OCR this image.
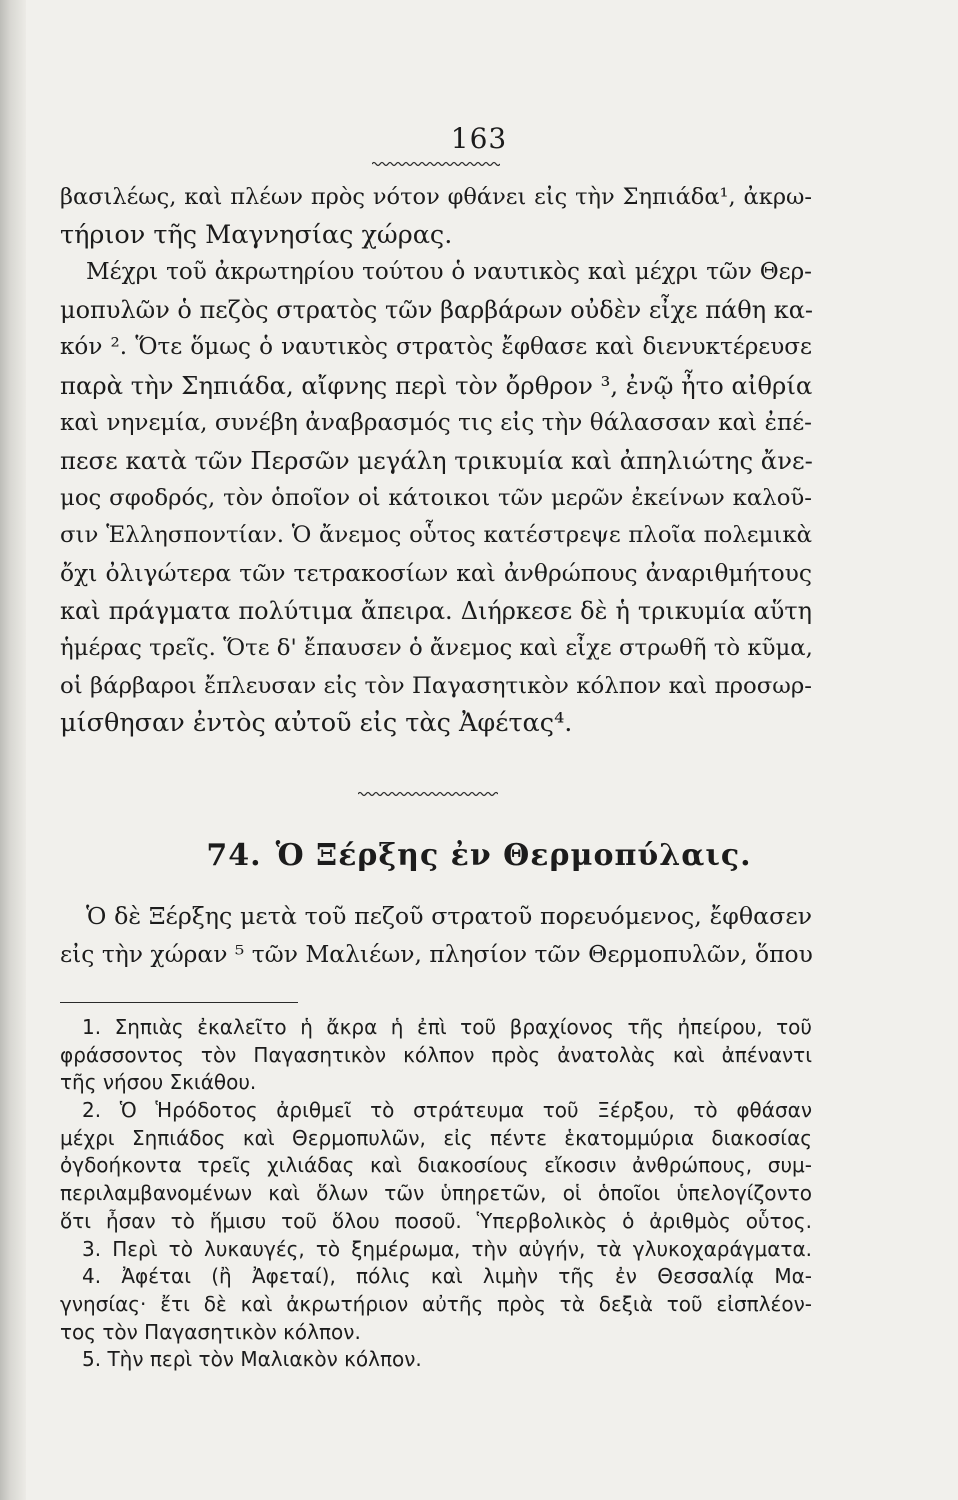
163
βασιλέως, καὶ πλέων πρὸς νότον φθάνει εἰς τὴν Σηπιάδα¹, ἀκρω-
τήριον τῆς Μαγνησίας χώρας.
Μέχρι τοῦ ἀκρωτηρίου τούτου ὁ ναυτικὸς καὶ μέχρι τῶν Θερ-
μοπυλῶν ὁ πεζὸς στρατὸς τῶν βαρβάρων οὐδὲν εἶχε πάθη κα-
κόν ². Ὅτε ὅμως ὁ ναυτικὸς στρατὸς ἔφθασε καὶ διενυκτέρευσε
παρὰ τὴν Σηπιάδα, αἴφνης περὶ τὸν ὄρθρον ³, ἐνῷ ἦτο αἰθρία
καὶ νηνεμία, συνέβη ἀναβρασμός τις εἰς τὴν θάλασσαν καὶ ἐπέ-
πεσε κατὰ τῶν Περσῶν μεγάλη τρικυμία καὶ ἀπηλιώτης ἄνε-
μος σφοδρός, τὸν ὁποῖον οἱ κάτοικοι τῶν μερῶν ἐκείνων καλοῦ-
σιν Ἑλλησποντίαν. Ὁ ἄνεμος οὗτος κατέστρεψε πλοῖα πολεμικὰ
ὄχι ὀλιγώτερα τῶν τετρακοσίων καὶ ἀνθρώπους ἀναριθμήτους
καὶ πράγματα πολύτιμα ἄπειρα. Διήρκεσε δὲ ἡ τρικυμία αὕτη
ἡμέρας τρεῖς. Ὅτε δ' ἔπαυσεν ὁ ἄνεμος καὶ εἶχε στρωθῆ τὸ κῦμα,
οἱ βάρβαροι ἔπλευσαν εἰς τὸν Παγασητικὸν κόλπον καὶ προσωρ-
μίσθησαν ἐντὸς αὐτοῦ εἰς τὰς Ἀφέτας⁴.
74. Ὁ Ξέρξης ἐν Θερμοπύλαις.
Ὁ δὲ Ξέρξης μετὰ τοῦ πεζοῦ στρατοῦ πορευόμενος, ἔφθασεν
εἰς τὴν χώραν ⁵ τῶν Μαλιέων, πλησίον τῶν Θερμοπυλῶν, ὅπου
1. Σηπιὰς ἐκαλεῖτο ἡ ἄκρα ἡ ἐπὶ τοῦ βραχίονος τῆς ἠπείρου, τοῦ
φράσσοντος τὸν Παγασητικὸν κόλπον πρὸς ἀνατολὰς καὶ ἀπέναντι
τῆς νήσου Σκιάθου.
2. Ὁ Ἡρόδοτος ἀριθμεῖ τὸ στράτευμα τοῦ Ξέρξου, τὸ φθάσαν
μέχρι Σηπιάδος καὶ Θερμοπυλῶν, εἰς πέντε ἑκατομμύρια διακοσίας
ὀγδοήκοντα τρεῖς χιλιάδας καὶ διακοσίους εἴκοσιν ἀνθρώπους, συμ-
περιλαμβανομένων καὶ ὅλων τῶν ὑπηρετῶν, οἱ ὁποῖοι ὑπελογίζοντο
ὅτι ἦσαν τὸ ἥμισυ τοῦ ὅλου ποσοῦ. Ὑπερβολικὸς ὁ ἀριθμὸς οὗτος.
3. Περὶ τὸ λυκαυγές, τὸ ξημέρωμα, τὴν αὐγήν, τὰ γλυκοχαράγματα.
4. Ἀφέται (ἢ Ἀφεταί), πόλις καὶ λιμὴν τῆς ἐν Θεσσαλίᾳ Μα-
γνησίας· ἔτι δὲ καὶ ἀκρωτήριον αὐτῆς πρὸς τὰ δεξιὰ τοῦ εἰσπλέον-
τος τὸν Παγασητικὸν κόλπον.
5. Τὴν περὶ τὸν Μαλιακὸν κόλπον.
